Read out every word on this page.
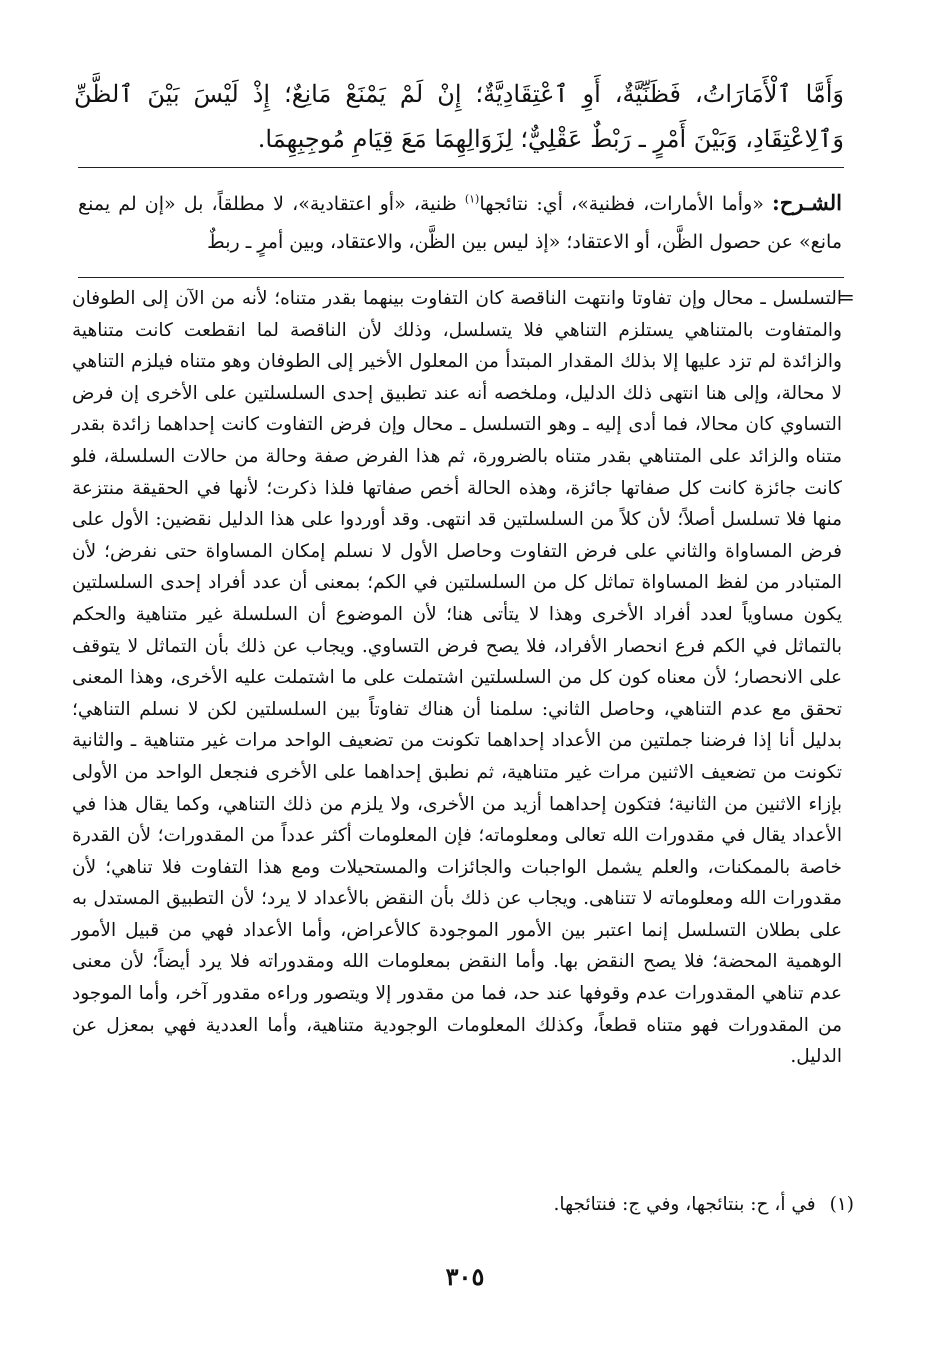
وَأَمَّا ٱلْأَمَارَاتُ، فَظَنِّيَّةٌ، أَوِ ٱعْتِقَادِيَّةٌ؛ إِنْ لَمْ يَمْنَعْ مَانِعٌ؛ إِذْ لَيْسَ بَيْنَ ٱلظَّنِّ وَٱلِاعْتِقَادِ، وَبَيْنَ أَمْرٍ ـ رَبْطٌ عَقْلِيٌّ؛ لِزَوَالِهِمَا مَعَ قِيَامِ مُوجِبِهِمَا.

الشـرح: «وأما الأمارات، فظنية»، أي: نتائجها$^{(١)}$ ظنية، «أو اعتقادية»، لا مطلقاً، بل «إن لم يمنع مانع» عن حصول الظَّن، أو الاعتقاد؛ «إذ ليس بين الظَّن، والاعتقاد، وبين أمرٍ ـ ربطٌ

=

التسلسل ـ محال وإن تفاوتا وانتهت الناقصة كان التفاوت بينهما بقدر متناه؛ لأنه من الآن إلى الطوفان والمتفاوت بالمتناهي يستلزم التناهي فلا يتسلسل، وذلك لأن الناقصة لما انقطعت كانت متناهية والزائدة لم تزد عليها إلا بذلك المقدار المبتدأ من المعلول الأخير إلى الطوفان وهو متناه فيلزم التناهي لا محالة، وإلى هنا انتهى ذلك الدليل، وملخصه أنه عند تطبيق إحدى السلسلتين على الأخرى إن فرض التساوي كان محالا، فما أدى إليه ـ وهو التسلسل ـ محال وإن فرض التفاوت كانت إحداهما زائدة بقدر متناه والزائد على المتناهي بقدر متناه بالضرورة، ثم هذا الفرض صفة وحالة من حالات السلسلة، فلو كانت جائزة كانت كل صفاتها جائزة، وهذه الحالة أخص صفاتها فلذا ذكرت؛ لأنها في الحقيقة منتزعة منها فلا تسلسل أصلاً؛ لأن كلاً من السلسلتين قد انتهى. وقد أوردوا على هذا الدليل نقضين: الأول على فرض المساواة والثاني على فرض التفاوت وحاصل الأول لا نسلم إمكان المساواة حتى نفرض؛ لأن المتبادر من لفظ المساواة تماثل كل من السلسلتين في الكم؛ بمعنى أن عدد أفراد إحدى السلسلتين يكون مساوياً لعدد أفراد الأخرى وهذا لا يتأتى هنا؛ لأن الموضوع أن السلسلة غير متناهية والحكم بالتماثل في الكم فرع انحصار الأفراد، فلا يصح فرض التساوي. ويجاب عن ذلك بأن التماثل لا يتوقف على الانحصار؛ لأن معناه كون كل من السلسلتين اشتملت على ما اشتملت عليه الأخرى، وهذا المعنى تحقق مع عدم التناهي، وحاصل الثاني: سلمنا أن هناك تفاوتاً بين السلسلتين لكن لا نسلم التناهي؛ بدليل أنا إذا فرضنا جملتين من الأعداد إحداهما تكونت من تضعيف الواحد مرات غير متناهية ـ والثانية تكونت من تضعيف الاثنين مرات غير متناهية، ثم نطبق إحداهما على الأخرى فنجعل الواحد من الأولى بإزاء الاثنين من الثانية؛ فتكون إحداهما أزيد من الأخرى، ولا يلزم من ذلك التناهي، وكما يقال هذا في الأعداد يقال في مقدورات الله تعالى ومعلوماته؛ فإن المعلومات أكثر عدداً من المقدورات؛ لأن القدرة خاصة بالممكنات، والعلم يشمل الواجبات والجائزات والمستحيلات ومع هذا التفاوت فلا تناهي؛ لأن مقدورات الله ومعلوماته لا تتناهى. ويجاب عن ذلك بأن النقض بالأعداد لا يرد؛ لأن التطبيق المستدل به على بطلان التسلسل إنما اعتبر بين الأمور الموجودة كالأعراض، وأما الأعداد فهي من قبيل الأمور الوهمية المحضة؛ فلا يصح النقض بها. وأما النقض بمعلومات الله ومقدوراته فلا يرد أيضاً؛ لأن معنى عدم تناهي المقدورات عدم وقوفها عند حد، فما من مقدور إلا ويتصور وراءه مقدور آخر، وأما الموجود من المقدورات فهو متناه قطعاً، وكذلك المعلومات الوجودية متناهية، وأما العددية فهي بمعزل عن الدليل.

(١)في أ، ح: بنتائجها، وفي ج: فنتائجها.
٣٠٥
